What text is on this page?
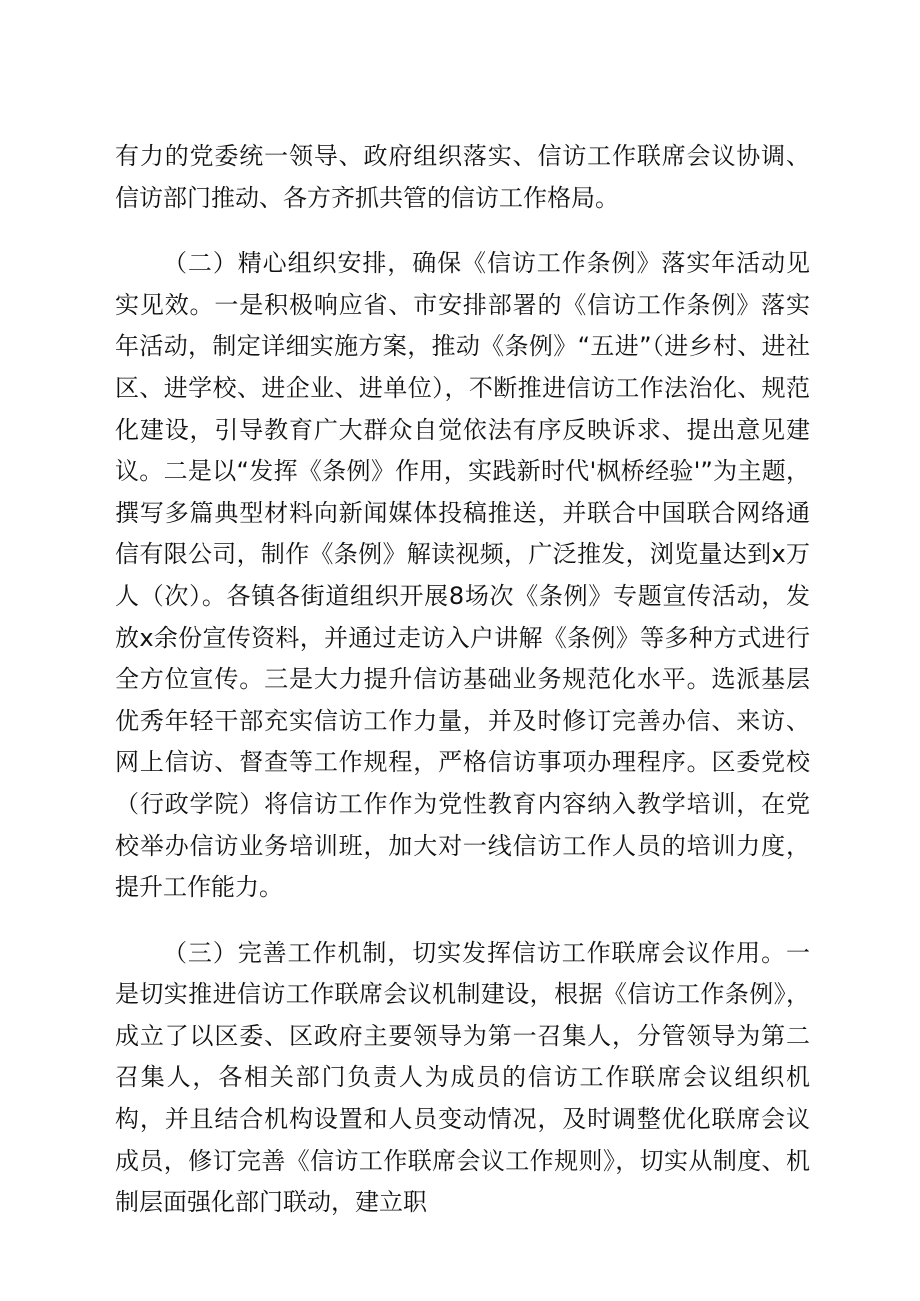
有力的党委统一领导、政府组织落实、信访工作联席会议协调、信访部门推动、各方齐抓共管的信访工作格局。

（二）精心组织安排，确保《信访工作条例》落实年活动见实见效。一是积极响应省、市安排部署的《信访工作条例》落实年活动，制定详细实施方案，推动《条例》“五进”（进乡村、进社区、进学校、进企业、进单位），不断推进信访工作法治化、规范化建设，引导教育广大群众自觉依法有序反映诉求、提出意见建议。二是以“发挥《条例》作用，实践新时代'枫桥经验'”为主题，撰写多篇典型材料向新闻媒体投稿推送，并联合中国联合网络通信有限公司，制作《条例》解读视频，广泛推发，浏览量达到x万人（次）。各镇各街道组织开展8场次《条例》专题宣传活动，发放x余份宣传资料，并通过走访入户讲解《条例》等多种方式进行全方位宣传。三是大力提升信访基础业务规范化水平。选派基层优秀年轻干部充实信访工作力量，并及时修订完善办信、来访、网上信访、督查等工作规程，严格信访事项办理程序。区委党校（行政学院）将信访工作作为党性教育内容纳入教学培训，在党校举办信访业务培训班，加大对一线信访工作人员的培训力度，提升工作能力。

（三）完善工作机制，切实发挥信访工作联席会议作用。一是切实推进信访工作联席会议机制建设，根据《信访工作条例》，成立了以区委、区政府主要领导为第一召集人，分管领导为第二召集人，各相关部门负责人为成员的信访工作联席会议组织机构，并且结合机构设置和人员变动情况，及时调整优化联席会议成员，修订完善《信访工作联席会议工作规则》，切实从制度、机制层面强化部门联动，建立职
